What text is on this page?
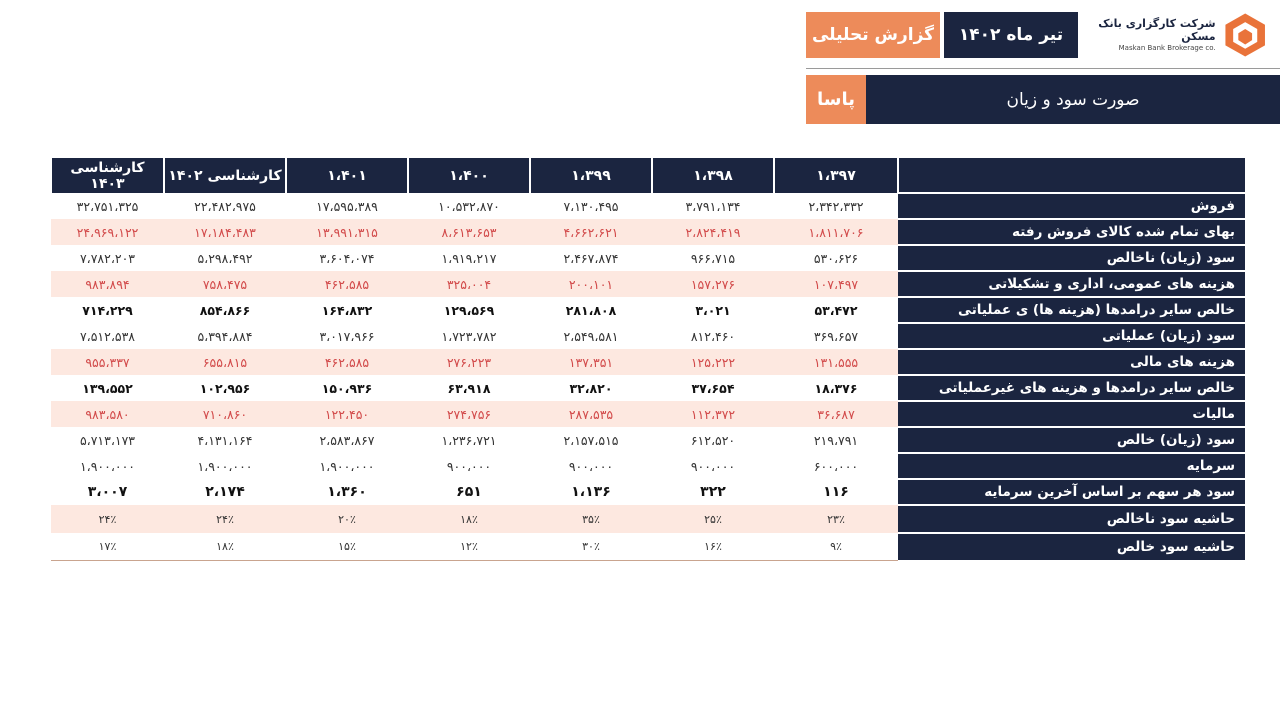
گزارش تحلیلی	تیر ماه ۱۴۰۲
شرکت کارگزاری بانک مسکن
Maskan Bank Brokerage co.
پاسا	صورت سود و زیان
کارشناسی ۱۴۰۳	کارشناسی ۱۴۰۲	۱،۴۰۱	۱،۴۰۰	۱،۳۹۹	۱،۳۹۸	۱،۳۹۷	
۳۲،۷۵۱،۳۲۵	۲۲،۴۸۲،۹۷۵	۱۷،۵۹۵،۳۸۹	۱۰،۵۳۲،۸۷۰	۷،۱۳۰،۴۹۵	۳،۷۹۱،۱۳۴	۲،۳۴۲،۳۳۲	فروش
۲۴،۹۶۹،۱۲۲	۱۷،۱۸۴،۴۸۳	۱۳،۹۹۱،۳۱۵	۸،۶۱۳،۶۵۳	۴،۶۶۲،۶۲۱	۲،۸۲۴،۴۱۹	۱،۸۱۱،۷۰۶	بهای تمام شده کالای فروش رفته
۷،۷۸۲،۲۰۳	۵،۲۹۸،۴۹۲	۳،۶۰۴،۰۷۴	۱،۹۱۹،۲۱۷	۲،۴۶۷،۸۷۴	۹۶۶،۷۱۵	۵۳۰،۶۲۶	سود (زیان) ناخالص
۹۸۳،۸۹۴	۷۵۸،۴۷۵	۴۶۲،۵۸۵	۳۲۵،۰۰۴	۲۰۰،۱۰۱	۱۵۷،۲۷۶	۱۰۷،۴۹۷	هزینه های عمومی، اداری و تشکیلاتی
۷۱۴،۲۲۹	۸۵۴،۸۶۶	۱۶۴،۸۳۲	۱۲۹،۵۶۹	۲۸۱،۸۰۸	۳،۰۲۱	۵۳،۴۷۲	خالص سایر درامدها (هزینه ها) ی عملیاتی
۷،۵۱۲،۵۳۸	۵،۳۹۴،۸۸۴	۳،۰۱۷،۹۶۶	۱،۷۲۳،۷۸۲	۲،۵۴۹،۵۸۱	۸۱۲،۴۶۰	۳۶۹،۶۵۷	سود (زیان) عملیاتی
۹۵۵،۳۳۷	۶۵۵،۸۱۵	۴۶۲،۵۸۵	۲۷۶،۲۲۳	۱۳۷،۳۵۱	۱۲۵،۲۲۲	۱۳۱،۵۵۵	هزینه های مالی
۱۳۹،۵۵۲	۱۰۲،۹۵۶	۱۵۰،۹۳۶	۶۳،۹۱۸	۳۲،۸۲۰	۳۷،۶۵۴	۱۸،۳۷۶	خالص سایر درامدها و هزینه های غیرعملیاتی
۹۸۳،۵۸۰	۷۱۰،۸۶۰	۱۲۲،۴۵۰	۲۷۴،۷۵۶	۲۸۷،۵۳۵	۱۱۲،۳۷۲	۳۶،۶۸۷	مالیات
۵،۷۱۳،۱۷۳	۴،۱۳۱،۱۶۴	۲،۵۸۳،۸۶۷	۱،۲۳۶،۷۲۱	۲،۱۵۷،۵۱۵	۶۱۲،۵۲۰	۲۱۹،۷۹۱	سود (زیان) خالص
۱،۹۰۰،۰۰۰	۱،۹۰۰،۰۰۰	۱،۹۰۰،۰۰۰	۹۰۰،۰۰۰	۹۰۰،۰۰۰	۹۰۰،۰۰۰	۶۰۰،۰۰۰	سرمایه
۳،۰۰۷	۲،۱۷۴	۱،۳۶۰	۶۵۱	۱،۱۳۶	۳۲۲	۱۱۶	سود هر سهم بر اساس آخرین سرمایه
۲۴٪	۲۴٪	۲۰٪	۱۸٪	۳۵٪	۲۵٪	۲۳٪	حاشیه سود ناخالص
۱۷٪	۱۸٪	۱۵٪	۱۲٪	۳۰٪	۱۶٪	۹٪	حاشیه سود خالص
